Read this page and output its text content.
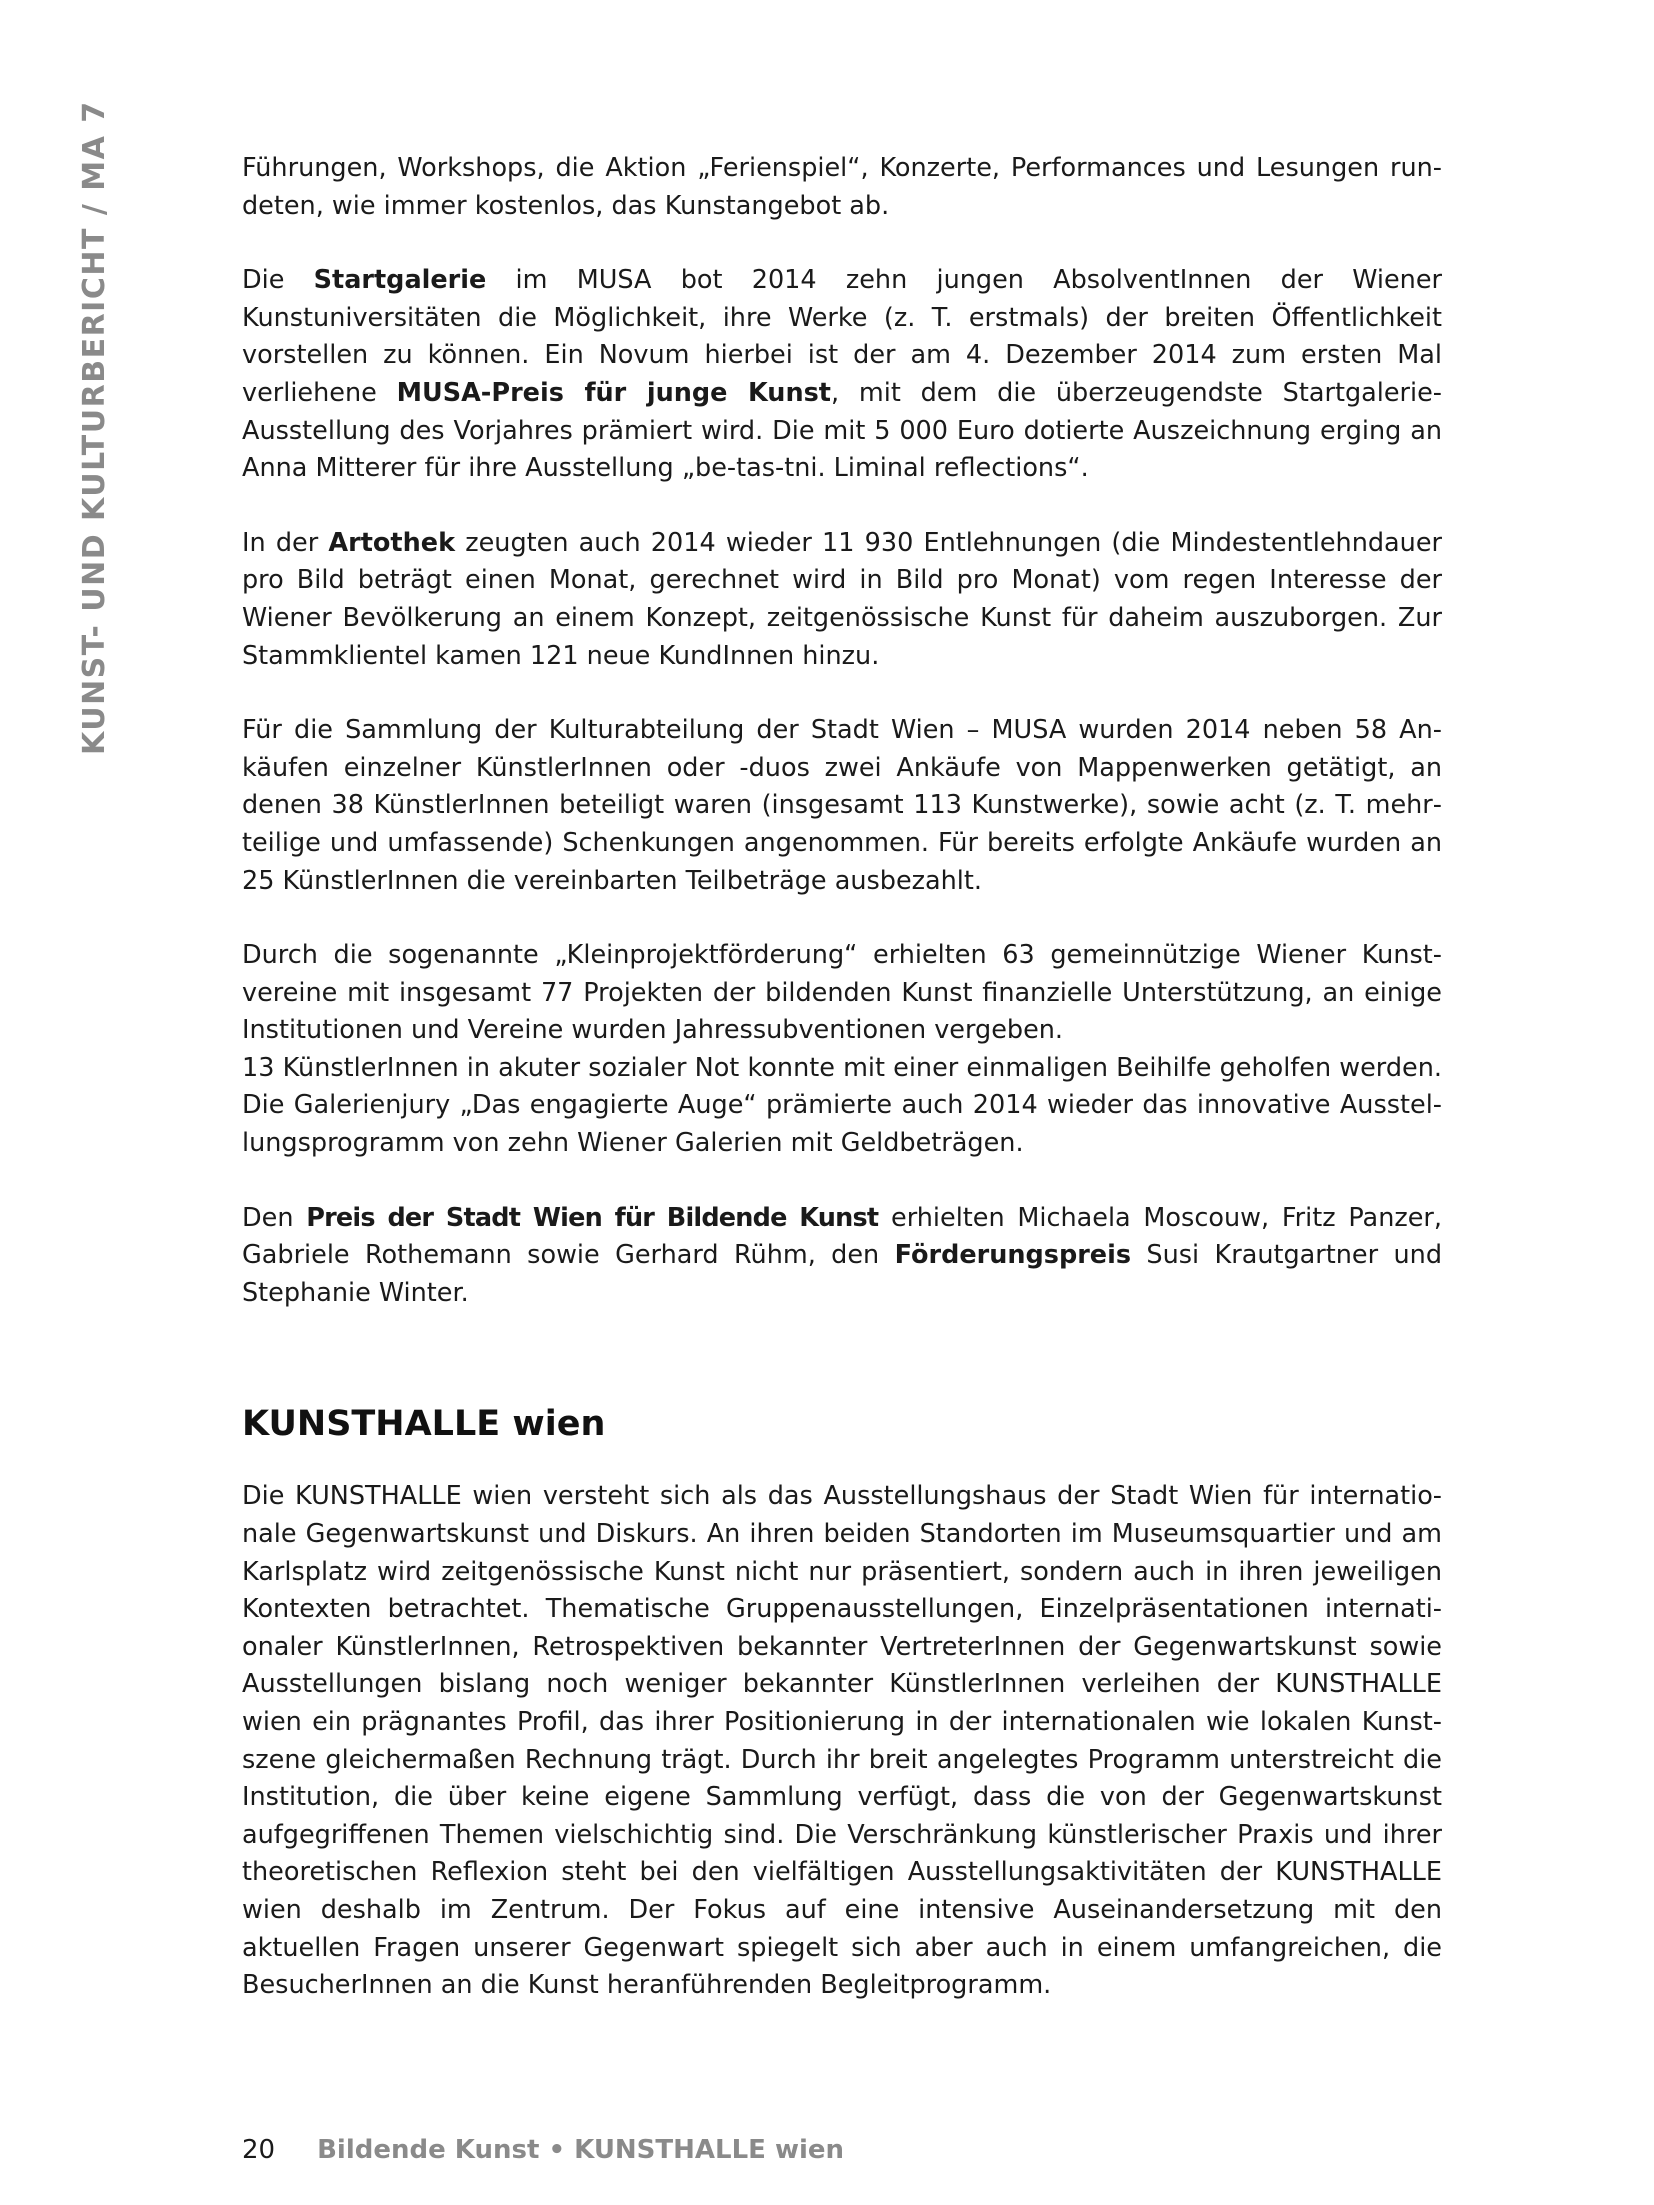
KUNST- UND KULTURBERICHT / MA 7	Führungen, Workshops, die Aktion „Ferienspiel“, Konzerte, Performances und Lesungen rundeten, wie immer kostenlos, das Kunstangebot ab.

Die Startgalerie im MUSA bot 2014 zehn jungen AbsolventInnen der Wiener Kunstuniversitäten die Möglichkeit, ihre Werke (z. T. erstmals) der breiten Öffentlichkeit vorstellen zu können. Ein Novum hierbei ist der am 4. Dezember 2014 zum ersten Mal verliehene MUSA-Preis für junge Kunst, mit dem die überzeugendste Startgalerie-Ausstellung des Vorjahres prämiert wird. Die mit 5 000 Euro dotierte Auszeichnung erging an Anna Mitterer für ihre Ausstellung „be-tas-tni. Liminal reflections“.

In der Artothek zeugten auch 2014 wieder 11 930 Entlehnungen (die Mindestentlehndauer pro Bild beträgt einen Monat, gerechnet wird in Bild pro Monat) vom regen Interesse der Wiener Bevölkerung an einem Konzept, zeitgenössische Kunst für daheim auszuborgen. Zur Stammklientel kamen 121 neue KundInnen hinzu.

Für die Sammlung der Kulturabteilung der Stadt Wien – MUSA wurden 2014 neben 58 Ankäufen einzelner KünstlerInnen oder -duos zwei Ankäufe von Mappenwerken getätigt, an denen 38 KünstlerInnen beteiligt waren (insgesamt 113 Kunstwerke), sowie acht (z. T. mehrteilige und umfassende) Schenkungen angenommen. Für bereits erfolgte Ankäufe wurden an 25 KünstlerInnen die vereinbarten Teilbeträge ausbezahlt.

Durch die sogenannte „Kleinprojektförderung“ erhielten 63 gemeinnützige Wiener Kunstvereine mit insgesamt 77 Projekten der bildenden Kunst finanzielle Unterstützung, an einige Institutionen und Vereine wurden Jahressubventionen vergeben.
13 KünstlerInnen in akuter sozialer Not konnte mit einer einmaligen Beihilfe geholfen werden. Die Galerienjury „Das engagierte Auge“ prämierte auch 2014 wieder das innovative Ausstellungsprogramm von zehn Wiener Galerien mit Geldbeträgen.

Den Preis der Stadt Wien für Bildende Kunst erhielten Michaela Moscouw, Fritz Panzer, Gabriele Rothemann sowie Gerhard Rühm, den Förderungspreis Susi Krautgartner und Stephanie Winter.

KUNSTHALLE wien

Die KUNSTHALLE wien versteht sich als das Ausstellungshaus der Stadt Wien für internationale Gegenwartskunst und Diskurs. An ihren beiden Standorten im Museumsquartier und am Karlsplatz wird zeitgenössische Kunst nicht nur präsentiert, sondern auch in ihren jeweiligen Kontexten betrachtet. Thematische Gruppenausstellungen, Einzelpräsentationen internationaler KünstlerInnen, Retrospektiven bekannter VertreterInnen der Gegenwartskunst sowie Ausstellungen bislang noch weniger bekannter KünstlerInnen verleihen der KUNSTHALLE wien ein prägnantes Profil, das ihrer Positionierung in der internationalen wie lokalen Kunstszene gleichermaßen Rechnung trägt. Durch ihr breit angelegtes Programm unterstreicht die Institution, die über keine eigene Sammlung verfügt, dass die von der Gegenwartskunst aufgegriffenen Themen vielschichtig sind. Die Verschränkung künstlerischer Praxis und ihrer theoretischen Reflexion steht bei den vielfältigen Ausstellungsaktivitäten der KUNSTHALLE wien deshalb im Zentrum. Der Fokus auf eine intensive Auseinandersetzung mit den aktuellen Fragen unserer Gegenwart spiegelt sich aber auch in einem umfangreichen, die BesucherInnen an die Kunst heranführenden Begleitprogramm.

20 Bildende Kunst • KUNSTHALLE wien
